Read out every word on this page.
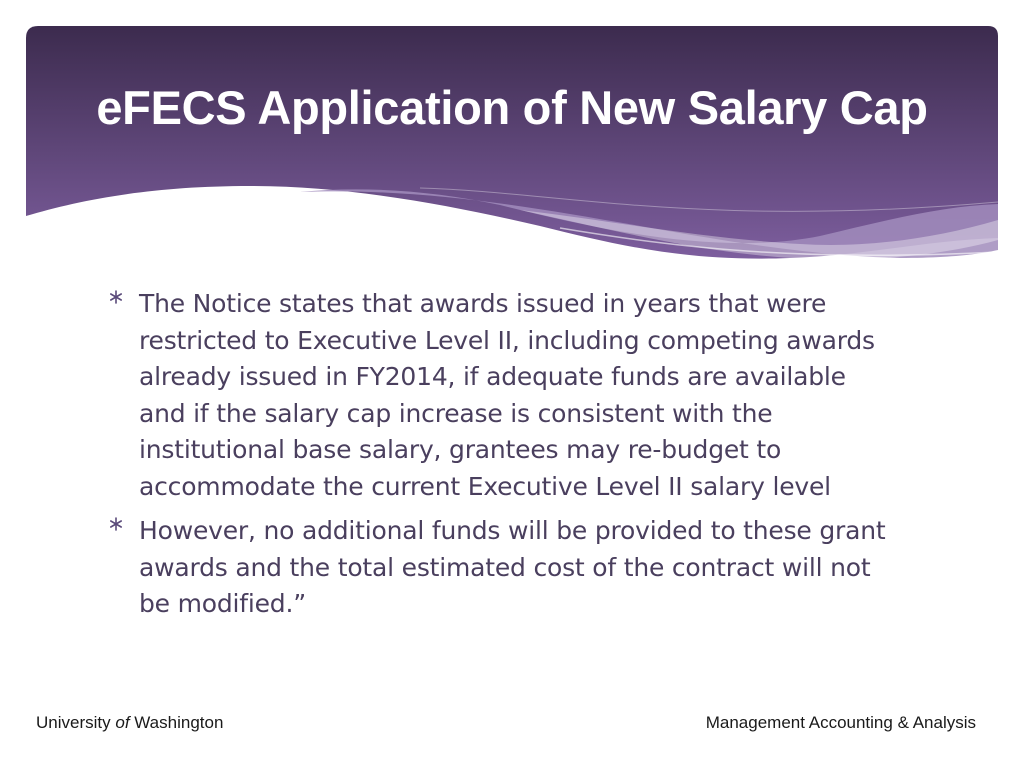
eFECS Application of New Salary Cap
The Notice states that awards issued in years that were restricted to Executive Level II, including competing awards already issued in FY2014, if adequate funds are available and if the salary cap increase is consistent with the institutional base salary, grantees may re-budget to accommodate the current Executive Level II salary level
However, no additional funds will be provided to these grant awards and the total estimated cost of the contract will not be modified.”
University of Washington	Management Accounting & Analysis
